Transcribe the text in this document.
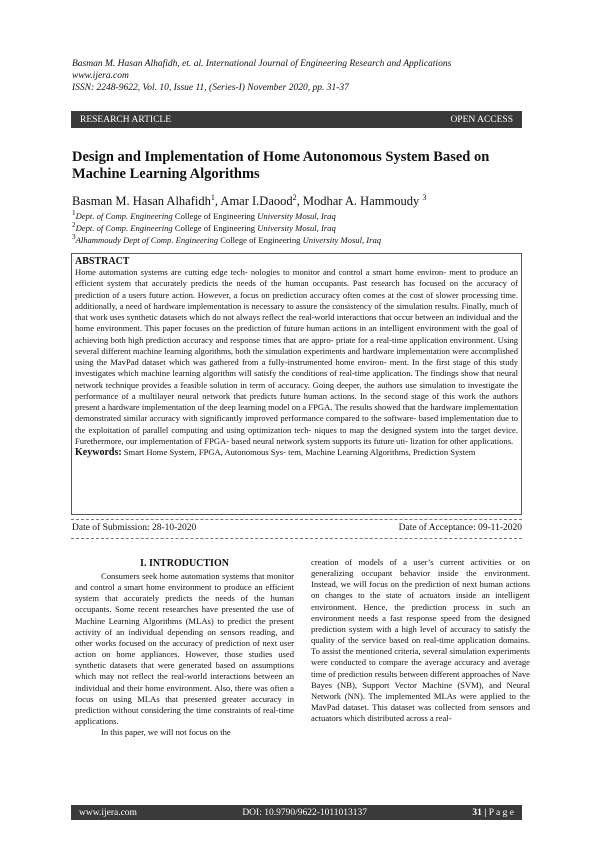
Basman M. Hasan Alhafidh, et. al. International Journal of Engineering Research and Applications
www.ijera.com
ISSN: 2248-9622, Vol. 10, Issue 11, (Series-I) November 2020, pp. 31-37
RESEARCH ARTICLE	OPEN ACCESS
Design and Implementation of Home Autonomous System Based on Machine Learning Algorithms
Basman M. Hasan Alhafidh$^1$, Amar I.Daood$^2$, Modhar A. Hammoudy $^3$
$^1$Dept. of Comp. Engineering College of Engineering University Mosul, Iraq
$^2$Dept. of Comp. Engineering College of Engineering University Mosul, Iraq
$^3$Alhammoudy Dept of Comp. Engineering College of Engineering University Mosul, Iraq
ABSTRACT
Home automation systems are cutting edge tech- nologies to monitor and control a smart home environ- ment to produce an efficient system that accurately predicts the needs of the human occupants. Past research has focused on the accuracy of prediction of a users future action. However, a focus on prediction accuracy often comes at the cost of slower processing time. additionally, a need of hardware implementation is necessary to assure the consistency of the simulation results. Finally, much of that work uses synthetic datasets which do not always reflect the real-world interactions that occur between an individual and the home environment. This paper focuses on the prediction of future human actions in an intelligent environment with the goal of achieving both high prediction accuracy and response times that are appro- priate for a real-time application environment. Using several different machine learning algorithms, both the simulation experiments and hardware implementation were accomplished using the MavPad dataset which was gathered from a fully-instrumented home environ- ment. In the first stage of this study investigates which machine learning algorithm will satisfy the conditions of real-time application. The findings show that neural network technique provides a feasible solution in term of accuracy. Going deeper, the authors use simulation to investigate the performance of a multilayer neural network that predicts future human actions. In the second stage of this work the authors present a hardware implementation of the deep learning model on a FPGA. The results showed that the hardware implementation demonstrated similar accuracy with significantly improved performance compared to the software- based implementation due to the exploitation of parallel computing and using optimization tech- niques to map the designed system into the target device. Furethermore, our implementation of FPGA- based neural network system supports its future uti- lization for other applications.
Keywords: Smart Home System, FPGA, Autonomous Sys- tem, Machine Learning Algorithms, Prediction System
Date of Submission: 28-10-2020	Date of Acceptance: 09-11-2020
I. INTRODUCTION

Consumers seek home automation systems that monitor and control a smart home environment to produce an efficient system that accurately predicts the needs of the human occupants. Some recent researches have presented the use of Machine Learning Algorithms (MLAs) to predict the present activity of an individual depending on sensors reading, and other works focused on the accuracy of prediction of next user action on home appliances. However, those studies used synthetic datasets that were generated based on assumptions which may not reflect the real-world interactions between an individual and their home environment. Also, there was often a focus on using MLAs that presented greater accuracy in prediction without considering the time constraints of real-time applications.

In this paper, we will not focus on the

creation of models of a user’s current activities or on generalizing occupant behavior inside the environment. Instead, we will focus on the prediction of next human actions on changes to the state of actuators inside an intelligent environment. Hence, the prediction process in such an environment needs a fast response speed from the designed prediction system with a high level of accuracy to satisfy the quality of the service based on real-time application domains. To assist the mentioned criteria, several simulation experiments were conducted to compare the average accuracy and average time of prediction results between different approaches of Nave Bayes (NB), Support Vector Machine (SVM), and Neural Network (NN). The implemented MLAs were applied to the MavPad dataset. This dataset was collected from sensors and actuators which distributed across a real-

www.ijera.com	DOI: 10.9790/9622-1011013137	31 | P a g e
